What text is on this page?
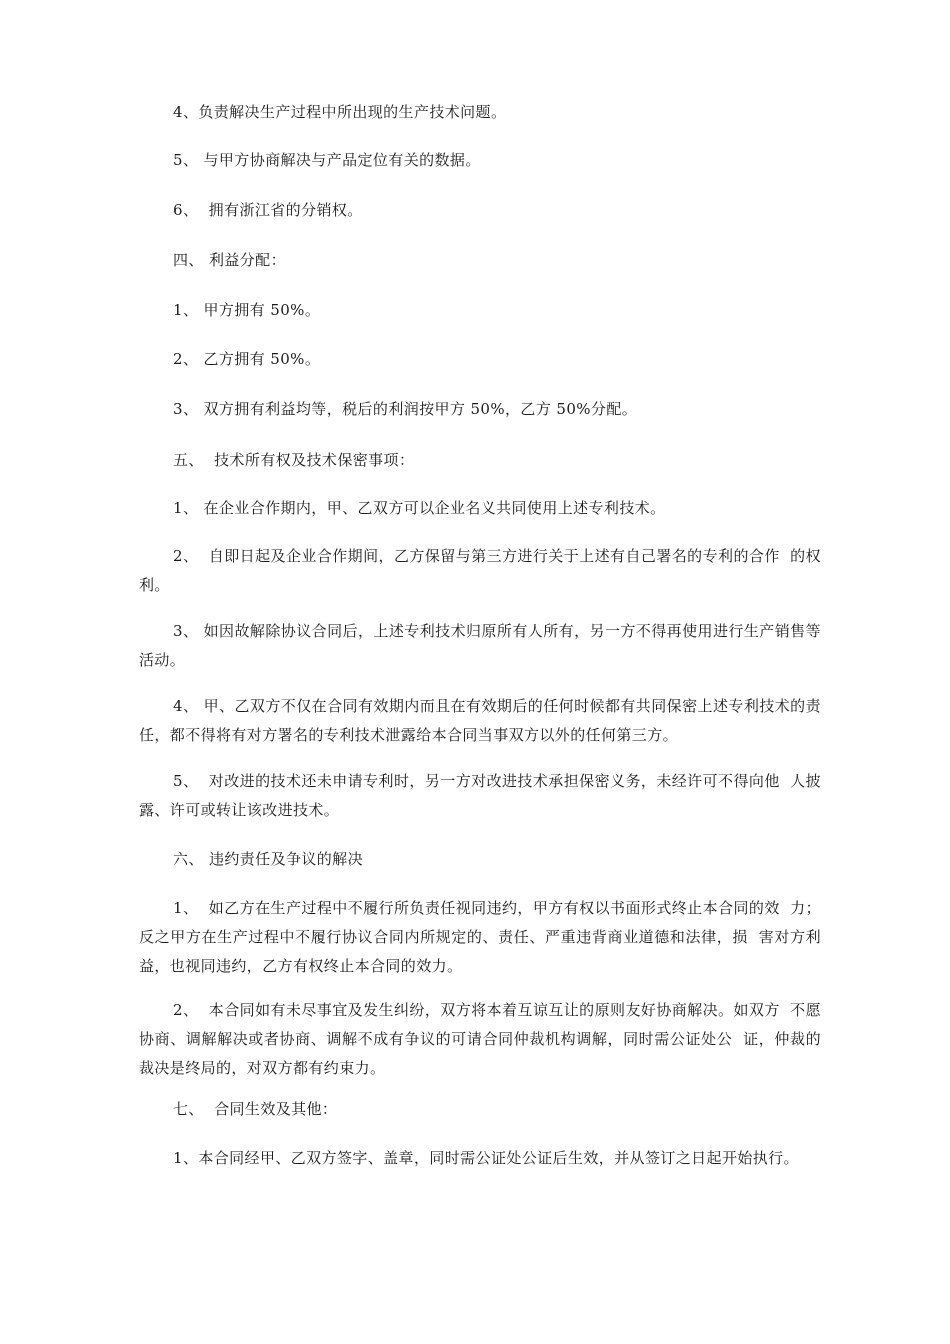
4、负责解决生产过程中所出现的生产技术问题。

5、 与甲方协商解决与产品定位有关的数据。

6、  拥有浙江省的分销权。

四、 利益分配：

1、 甲方拥有 50%。

2、 乙方拥有 50%。

3、 双方拥有利益均等，税后的利润按甲方 50%，乙方 50%分配。

五、  技术所有权及技术保密事项：

1、 在企业合作期内，甲、乙双方可以企业名义共同使用上述专利技术。

2、  自即日起及企业合作期间，乙方保留与第三方进行关于上述有自己署名的专利的合作  的权利。

3、 如因故解除协议合同后，上述专利技术归原所有人所有，另一方不得再使用进行生产销售等活动。

4、 甲、乙双方不仅在合同有效期内而且在有效期后的任何时候都有共同保密上述专利技术的责任，都不得将有对方署名的专利技术泄露给本合同当事双方以外的任何第三方。

5、  对改进的技术还未申请专利时，另一方对改进技术承担保密义务，未经许可不得向他  人披露、许可或转让该改进技术。

六、 违约责任及争议的解决

1、  如乙方在生产过程中不履行所负责任视同违约，甲方有权以书面形式终止本合同的效  力；反之甲方在生产过程中不履行协议合同内所规定的、责任、严重违背商业道德和法律，损  害对方利益，也视同违约，乙方有权终止本合同的效力。

2、  本合同如有未尽事宜及发生纠纷，双方将本着互谅互让的原则友好协商解决。如双方  不愿协商、调解解决或者协商、调解不成有争议的可请合同仲裁机构调解，同时需公证处公  证，仲裁的裁决是终局的，对双方都有约束力。

七、  合同生效及其他：

1、本合同经甲、乙双方签字、盖章，同时需公证处公证后生效，并从签订之日起开始执行。
